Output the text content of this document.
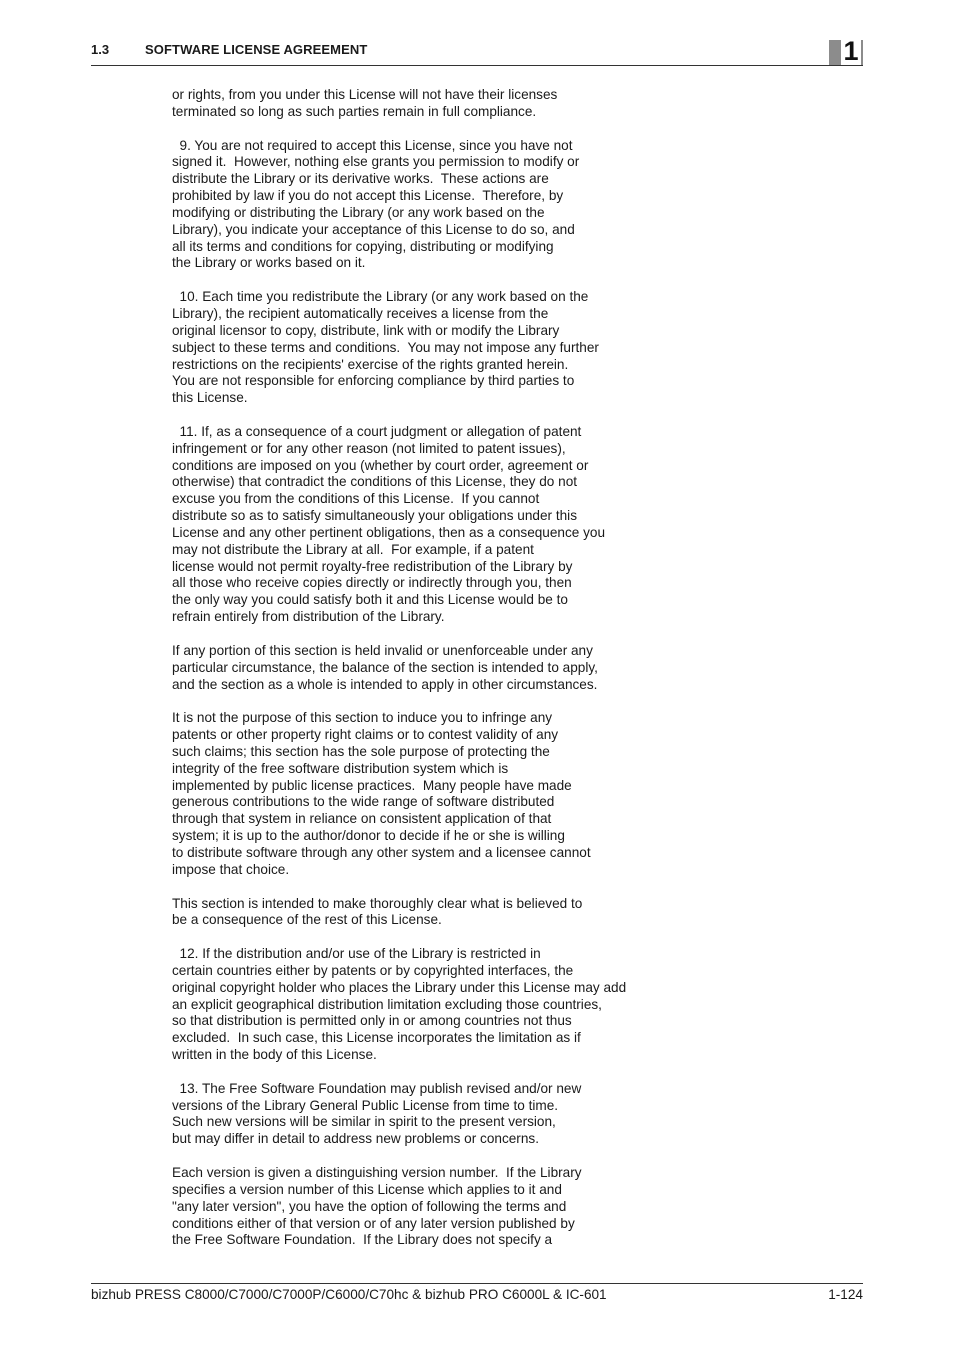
1.3	SOFTWARE LICENSE AGREEMENT	1
or rights, from you under this License will not have their licenses
terminated so long as such parties remain in full compliance.
9. You are not required to accept this License, since you have not
signed it.  However, nothing else grants you permission to modify or
distribute the Library or its derivative works.  These actions are
prohibited by law if you do not accept this License.  Therefore, by
modifying or distributing the Library (or any work based on the
Library), you indicate your acceptance of this License to do so, and
all its terms and conditions for copying, distributing or modifying
the Library or works based on it.
10. Each time you redistribute the Library (or any work based on the
Library), the recipient automatically receives a license from the
original licensor to copy, distribute, link with or modify the Library
subject to these terms and conditions.  You may not impose any further
restrictions on the recipients' exercise of the rights granted herein.
You are not responsible for enforcing compliance by third parties to
this License.
11. If, as a consequence of a court judgment or allegation of patent
infringement or for any other reason (not limited to patent issues),
conditions are imposed on you (whether by court order, agreement or
otherwise) that contradict the conditions of this License, they do not
excuse you from the conditions of this License.  If you cannot
distribute so as to satisfy simultaneously your obligations under this
License and any other pertinent obligations, then as a consequence you
may not distribute the Library at all.  For example, if a patent
license would not permit royalty-free redistribution of the Library by
all those who receive copies directly or indirectly through you, then
the only way you could satisfy both it and this License would be to
refrain entirely from distribution of the Library.
If any portion of this section is held invalid or unenforceable under any
particular circumstance, the balance of the section is intended to apply,
and the section as a whole is intended to apply in other circumstances.
It is not the purpose of this section to induce you to infringe any
patents or other property right claims or to contest validity of any
such claims; this section has the sole purpose of protecting the
integrity of the free software distribution system which is
implemented by public license practices.  Many people have made
generous contributions to the wide range of software distributed
through that system in reliance on consistent application of that
system; it is up to the author/donor to decide if he or she is willing
to distribute software through any other system and a licensee cannot
impose that choice.
This section is intended to make thoroughly clear what is believed to
be a consequence of the rest of this License.
12. If the distribution and/or use of the Library is restricted in
certain countries either by patents or by copyrighted interfaces, the
original copyright holder who places the Library under this License may add
an explicit geographical distribution limitation excluding those countries,
so that distribution is permitted only in or among countries not thus
excluded.  In such case, this License incorporates the limitation as if
written in the body of this License.
13. The Free Software Foundation may publish revised and/or new
versions of the Library General Public License from time to time.
Such new versions will be similar in spirit to the present version,
but may differ in detail to address new problems or concerns.
Each version is given a distinguishing version number.  If the Library
specifies a version number of this License which applies to it and
"any later version", you have the option of following the terms and
conditions either of that version or of any later version published by
the Free Software Foundation.  If the Library does not specify a
bizhub PRESS C8000/C7000/C7000P/C6000/C70hc & bizhub PRO C6000L & IC-601	1-124
